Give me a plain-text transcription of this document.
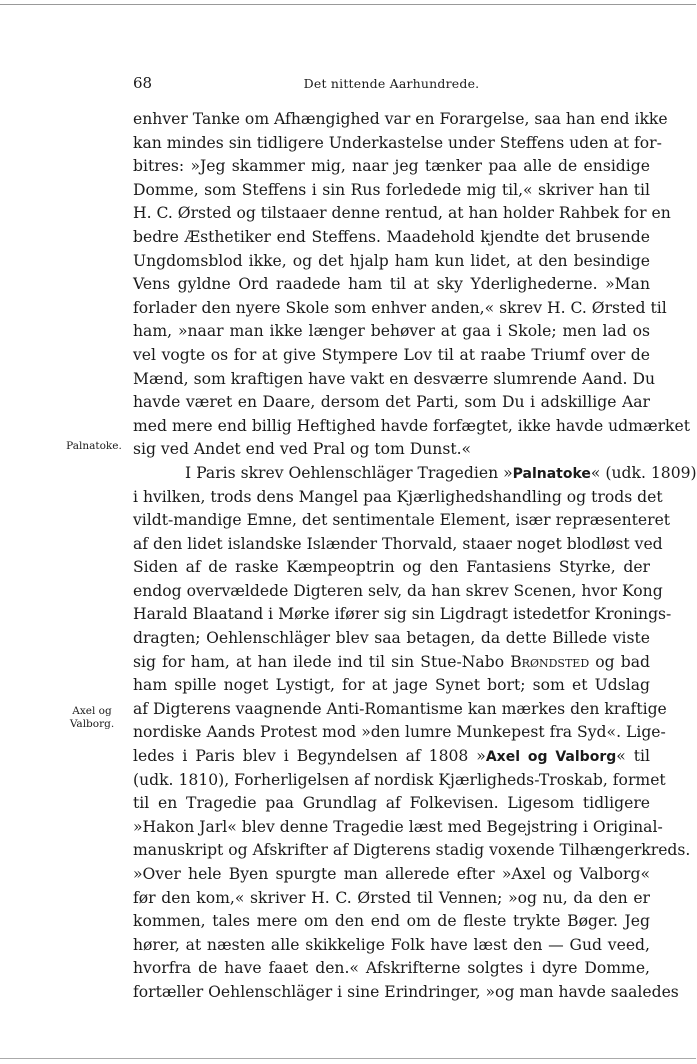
68	Det nittende Aarhundrede.
Palnatoke.
Axel og
Valborg.
enhver Tanke om Afhængighed var en Forargelse, saa han end ikke
kan mindes sin tidligere Underkastelse under Steffens uden at for-
bitres: »Jeg skammer mig, naar jeg tænker paa alle de ensidige
Domme, som Steffens i sin Rus forledede mig til,« skriver han til
H. C. Ørsted og tilstaaer denne rentud, at han holder Rahbek for en
bedre Æsthetiker end Steffens. Maadehold kjendte det brusende
Ungdomsblod ikke, og det hjalp ham kun lidet, at den besindige
Vens gyldne Ord raadede ham til at sky Yderlighederne. »Man
forlader den nyere Skole som enhver anden,« skrev H. C. Ørsted til
ham, »naar man ikke længer behøver at gaa i Skole; men lad os
vel vogte os for at give Stympere Lov til at raabe Triumf over de
Mænd, som kraftigen have vakt en desværre slumrende Aand. Du
havde været en Daare, dersom det Parti, som Du i adskillige Aar
med mere end billig Heftighed havde forfægtet, ikke havde udmærket
sig ved Andet end ved Pral og tom Dunst.«
I Paris skrev Oehlenschläger Tragedien »Palnatoke« (udk. 1809)
i hvilken, trods dens Mangel paa Kjærlighedshandling og trods det
vildt-mandige Emne, det sentimentale Element, især repræsenteret
af den lidet islandske Islænder Thorvald, staaer noget blodløst ved
Siden af de raske Kæmpeoptrin og den Fantasiens Styrke, der
endog overvældede Digteren selv, da han skrev Scenen, hvor Kong
Harald Blaatand i Mørke ifører sig sin Ligdragt istedetfor Kronings-
dragten; Oehlenschläger blev saa betagen, da dette Billede viste
sig for ham, at han ilede ind til sin Stue-Nabo Brøndsted og bad
ham spille noget Lystigt, for at jage Synet bort; som et Udslag
af Digterens vaagnende Anti-Romantisme kan mærkes den kraftige
nordiske Aands Protest mod »den lumre Munkepest fra Syd«. Lige-
ledes i Paris blev i Begyndelsen af 1808 »Axel og Valborg« til
(udk. 1810), Forherligelsen af nordisk Kjærligheds-Troskab, formet
til en Tragedie paa Grundlag af Folkevisen. Ligesom tidligere
»Hakon Jarl« blev denne Tragedie læst med Begejstring i Original-
manuskript og Afskrifter af Digterens stadig voxende Tilhængerkreds.
»Over hele Byen spurgte man allerede efter »Axel og Valborg«
før den kom,« skriver H. C. Ørsted til Vennen; »og nu, da den er
kommen, tales mere om den end om de fleste trykte Bøger. Jeg
hører, at næsten alle skikkelige Folk have læst den — Gud veed,
hvorfra de have faaet den.« Afskrifterne solgtes i dyre Domme,
fortæller Oehlenschläger i sine Erindringer, »og man havde saaledes
